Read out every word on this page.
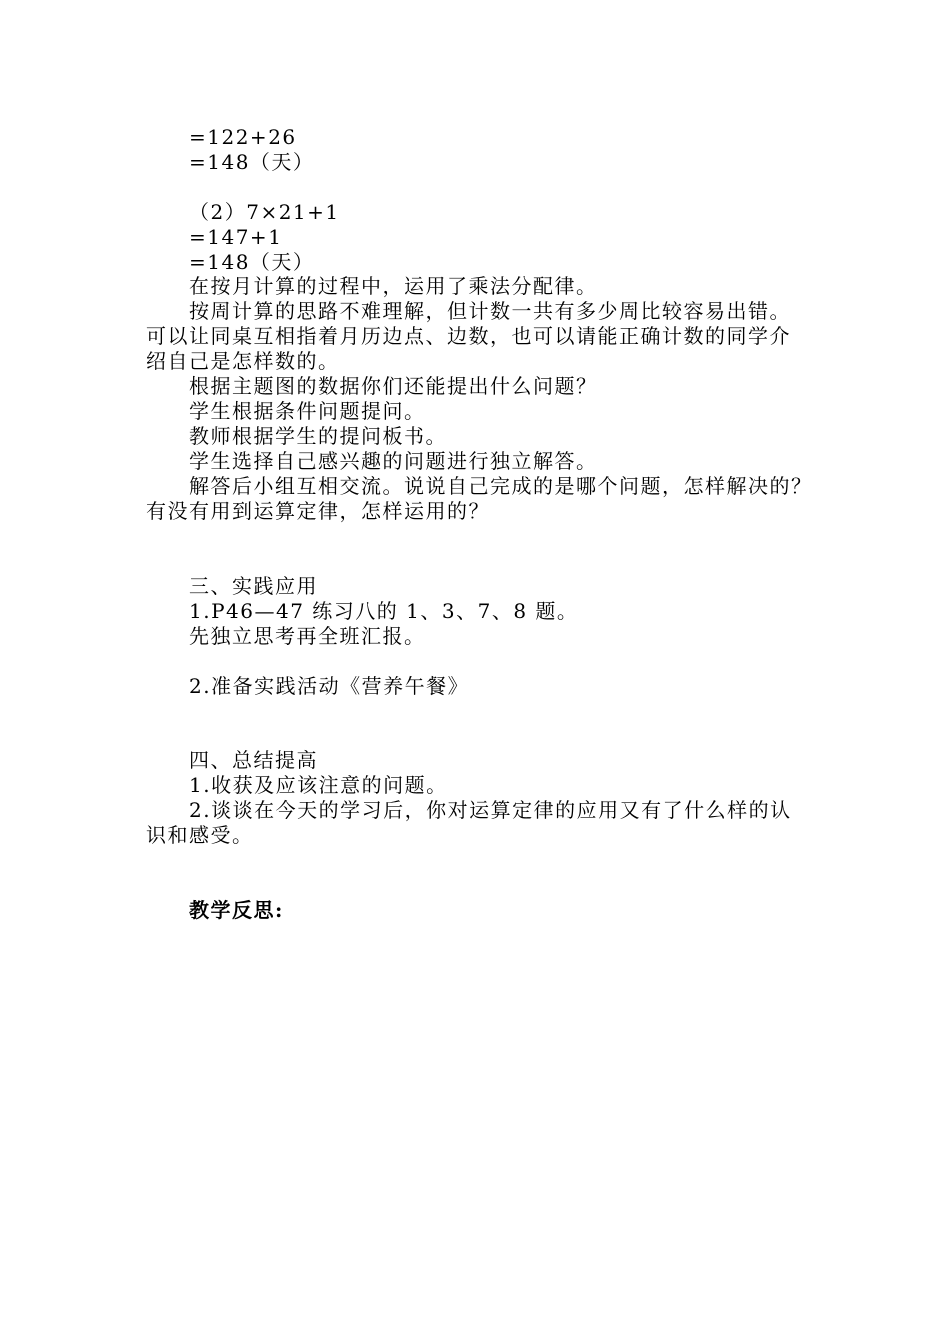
=122+26
=148（天）
（2）7×21+1
=147+1
=148（天）
在按月计算的过程中，运用了乘法分配律。
按周计算的思路不难理解，但计数一共有多少周比较容易出错。
可以让同桌互相指着月历边点、边数，也可以请能正确计数的同学介
绍自己是怎样数的。
根据主题图的数据你们还能提出什么问题？
学生根据条件问题提问。
教师根据学生的提问板书。
学生选择自己感兴趣的问题进行独立解答。
解答后小组互相交流。说说自己完成的是哪个问题，怎样解决的？
有没有用到运算定律，怎样运用的？
三、实践应用
1.P46—47 练习八的 1、3、7、8 题。
先独立思考再全班汇报。
2.准备实践活动《营养午餐》
四、总结提高
1.收获及应该注意的问题。
2.谈谈在今天的学习后，你对运算定律的应用又有了什么样的认
识和感受。
教学反思:
